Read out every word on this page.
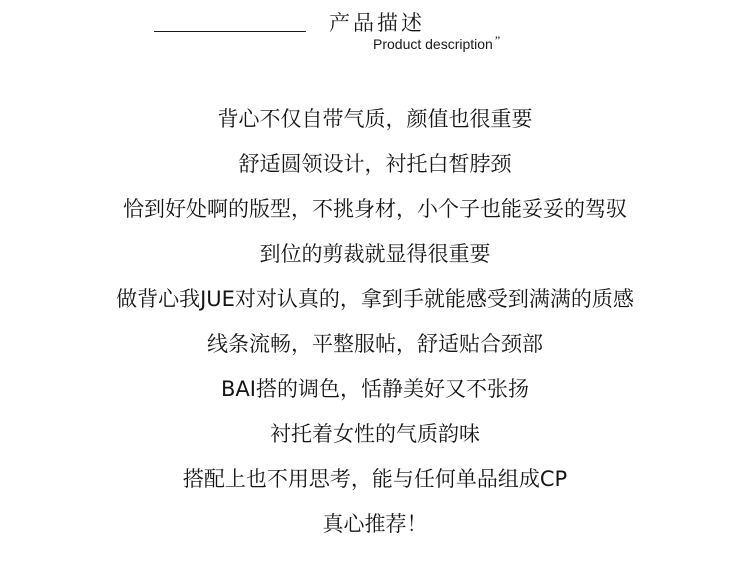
产品描述
Product description ”
背心不仅自带气质，颜值也很重要
舒适圆领设计，衬托白皙脖颈
恰到好处啊的版型，不挑身材，小个子也能妥妥的驾驭
到位的剪裁就显得很重要
做背心我JUE对对认真的，拿到手就能感受到满满的质感
线条流畅，平整服帖，舒适贴合颈部
BAI搭的调色，恬静美好又不张扬
衬托着女性的气质韵味
搭配上也不用思考，能与任何单品组成CP
真心推荐！
